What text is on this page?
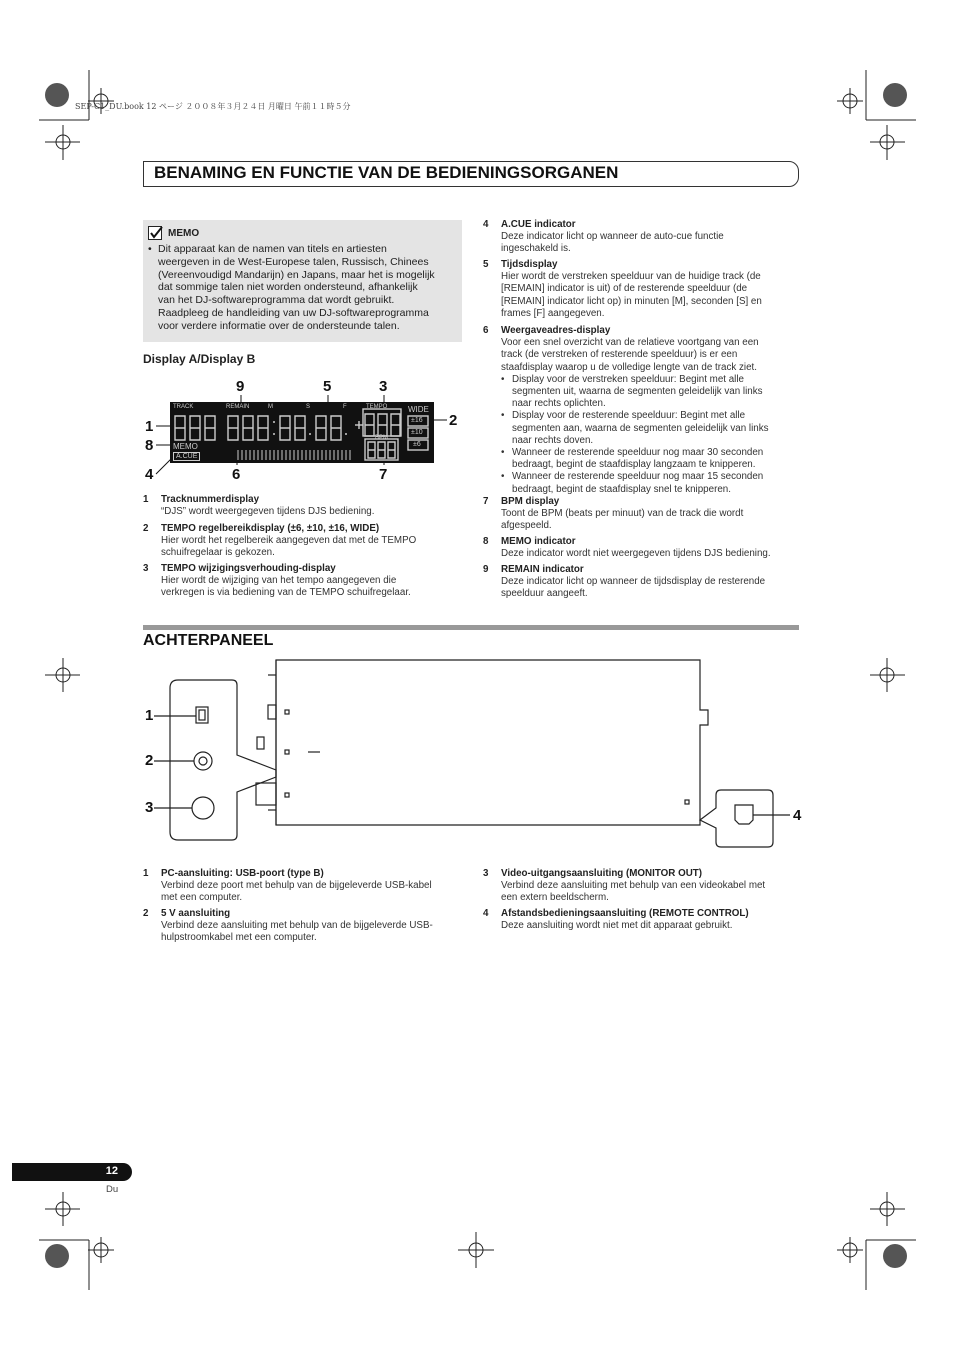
SEP-C1_DU.book 12 ページ ２００８年３月２４日 月曜日 午前１１時５分
BENAMING EN FUNCTIE VAN DE BEDIENINGSORGANEN
MEMO
• Dit apparaat kan de namen van titels en artiesten
weergeven in de West-Europese talen, Russisch, Chinees
(Vereenvoudigd Mandarijn) en Japans, maar het is mogelijk
dat sommige talen niet worden ondersteund, afhankelijk
van het DJ-softwareprogramma dat wordt gebruikt.
Raadpleeg de handleiding van uw DJ-softwareprogramma
voor verdere informatie over de ondersteunde talen.
Display A/Display B
9	5	3
1	2
8
4	6	7
TRACK	REMAIN	M	S	F	TEMPO	WIDE
±16
±10
±6
BPM
MEMO
A.CUE
1 Tracknummerdisplay
“DJS” wordt weergegeven tijdens DJS bediening.
2 TEMPO regelbereikdisplay (±6, ±10, ±16, WIDE)
Hier wordt het regelbereik aangegeven dat met de TEMPO
schuifregelaar is gekozen.
3 TEMPO wijzigingsverhouding-display
Hier wordt de wijziging van het tempo aangegeven die
verkregen is via bediening van de TEMPO schuifregelaar.
4 A.CUE indicator
Deze indicator licht op wanneer de auto-cue functie
ingeschakeld is.
5 Tijdsdisplay
Hier wordt de verstreken speelduur van de huidige track (de
[REMAIN] indicator is uit) of de resterende speelduur (de
[REMAIN] indicator licht op) in minuten [M], seconden [S] en
frames [F] aangegeven.
6 Weergaveadres-display
Voor een snel overzicht van de relatieve voortgang van een
track (de verstreken of resterende speelduur) is er een
staafdisplay waarop u de volledige lengte van de track ziet.
• Display voor de verstreken speelduur: Begint met alle
segmenten uit, waarna de segmenten geleidelijk van links
naar rechts oplichten.
• Display voor de resterende speelduur: Begint met alle
segmenten aan, waarna de segmenten geleidelijk van links
naar rechts doven.
• Wanneer de resterende speelduur nog maar 30 seconden
bedraagt, begint de staafdisplay langzaam te knipperen.
• Wanneer de resterende speelduur nog maar 15 seconden
bedraagt, begint de staafdisplay snel te knipperen.
7 BPM display
Toont de BPM (beats per minuut) van de track die wordt
afgespeeld.
8 MEMO indicator
Deze indicator wordt niet weergegeven tijdens DJS bediening.
9 REMAIN indicator
Deze indicator licht op wanneer de tijdsdisplay de resterende
speelduur aangeeft.
ACHTERPANEEL
1
2
3	4
1 PC-aansluiting: USB-poort (type B)
Verbind deze poort met behulp van de bijgeleverde USB-kabel
met een computer.
2 5 V aansluiting
Verbind deze aansluiting met behulp van de bijgeleverde USB-
hulpstroomkabel met een computer.
3 Video-uitgangsaansluiting (MONITOR OUT)
Verbind deze aansluiting met behulp van een videokabel met
een extern beeldscherm.
4 Afstandsbedieningsaansluiting (REMOTE CONTROL)
Deze aansluiting wordt niet met dit apparaat gebruikt.
12
Du
